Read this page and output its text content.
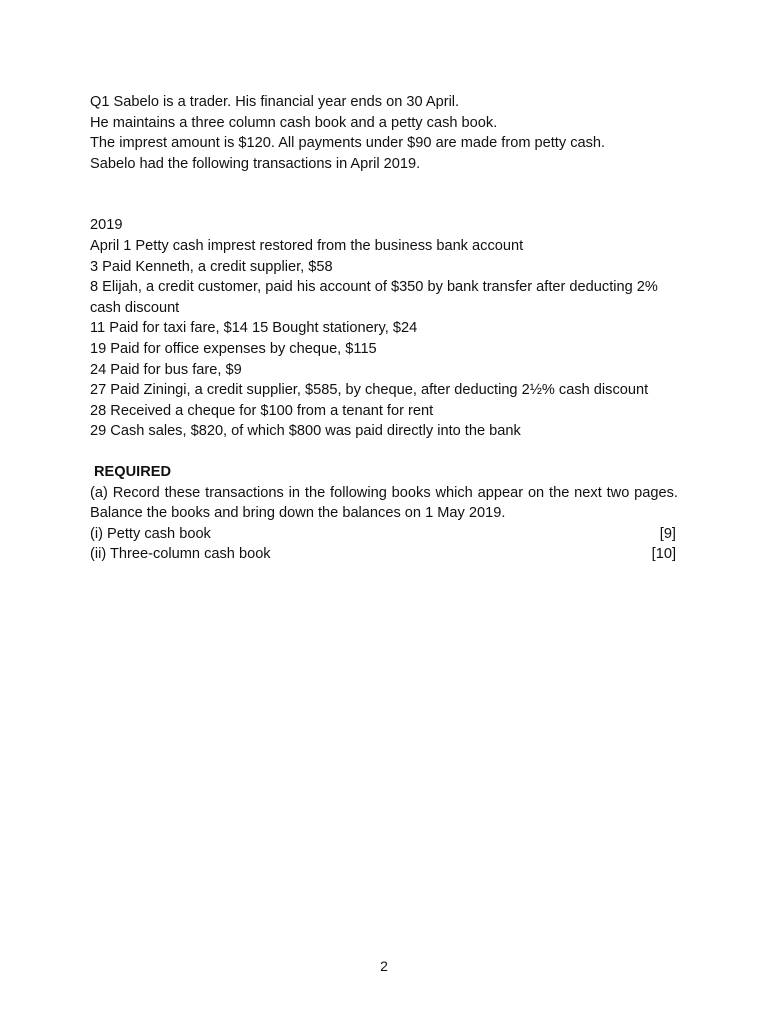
Q1 Sabelo is a trader. His financial year ends on 30 April.
He maintains a three column cash book and a petty cash book.
The imprest amount is $120. All payments under $90 are made from petty cash.
Sabelo had the following transactions in April 2019.
2019
April 1 Petty cash imprest restored from the business bank account
3 Paid Kenneth, a credit supplier, $58
8 Elijah, a credit customer, paid his account of $350 by bank transfer after deducting 2% cash discount
11 Paid for taxi fare, $14 15 Bought stationery, $24
19 Paid for office expenses by cheque, $115
24 Paid for bus fare, $9
27 Paid Ziningi, a credit supplier, $585, by cheque, after deducting 2½% cash discount
28 Received a cheque for $100 from a tenant for rent
29 Cash sales, $820, of which $800 was paid directly into the bank
REQUIRED
(a) Record these transactions in the following books which appear on the next two pages. Balance the books and bring down the balances on 1 May 2019.
(i) Petty cash book	[9]
(ii) Three-column cash book	[10]
2
